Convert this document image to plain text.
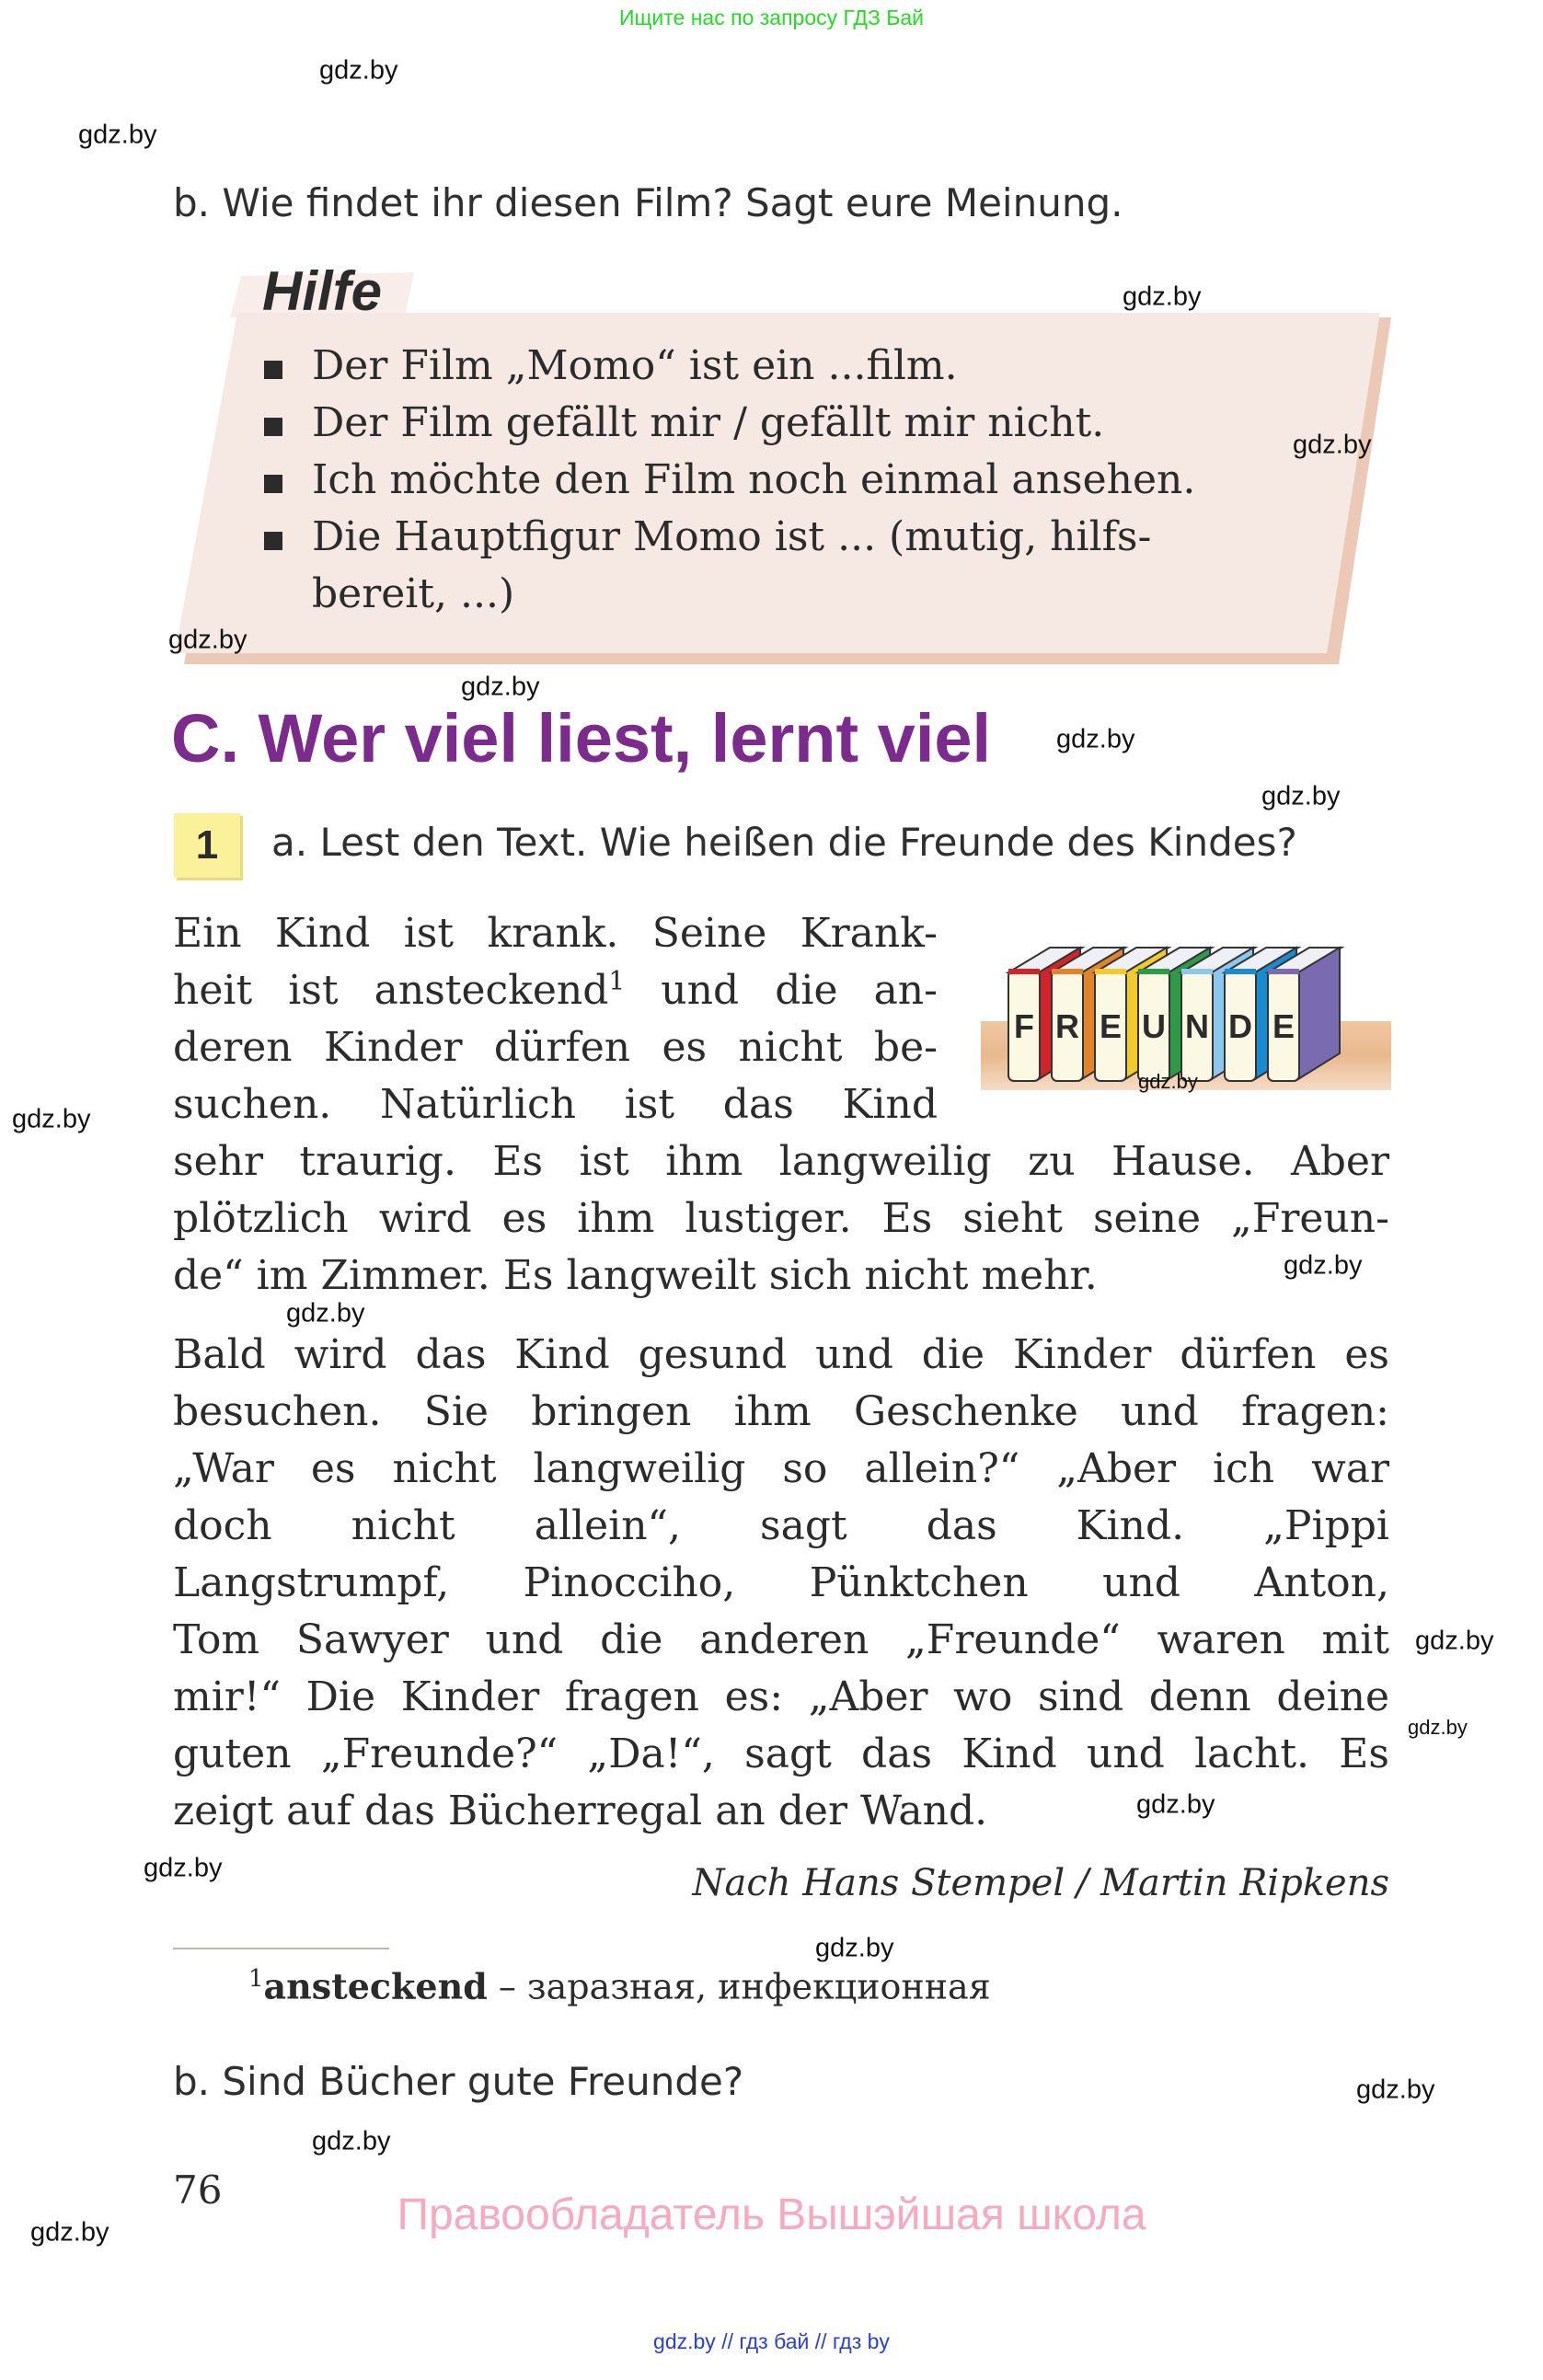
Ищите нас по запросу ГДЗ Бай
b. Wie findet ihr diesen Film? Sagt eure Meinung.
Hilfe
Der Film „Momo“ ist ein ...film.
Der Film gefällt mir / gefällt mir nicht.
Ich möchte den Film noch einmal ansehen.
Die Hauptfigur Momo ist ... (mutig, hilfs-
bereit, ...)
C. Wer viel liest, lernt viel
1	a. Lest den Text. Wie heißen die Freunde des Kindes?
F R E U N D E
Ein Kind ist krank. Seine Krank-
heit ist ansteckend$^1$ und die an-
deren Kinder dürfen es nicht be-
suchen. Natürlich ist das Kind
sehr traurig. Es ist ihm langweilig zu Hause. Aber
plötzlich wird es ihm lustiger. Es sieht seine „Freun-
de“ im Zimmer. Es langweilt sich nicht mehr.
Bald wird das Kind gesund und die Kinder dürfen es
besuchen. Sie bringen ihm Geschenke und fragen:
„War es nicht langweilig so allein?“ „Aber ich war
doch nicht allein“, sagt das Kind. „Pippi
Langstrumpf, Pinocciho, Pünktchen und Anton,
Tom Sawyer und die anderen „Freunde“ waren mit
mir!“ Die Kinder fragen es: „Aber wo sind denn deine
guten „Freunde?“ „Da!“, sagt das Kind und lacht. Es
zeigt auf das Bücherregal an der Wand.
Nach Hans Stempel / Martin Ripkens
$^1$ansteckend – заразная, инфекционная
b. Sind Bücher gute Freunde?
76
Правообладатель Вышэйшая школа
gdz.by // гдз бай // гдз by
gdz.by
gdz.by
gdz.by
gdz.by
gdz.by
gdz.by
gdz.by
gdz.by
gdz.by
gdz.by
gdz.by
gdz.by
gdz.by
gdz.by
gdz.by
gdz.by
gdz.by
gdz.by
gdz.by
gdz.by
